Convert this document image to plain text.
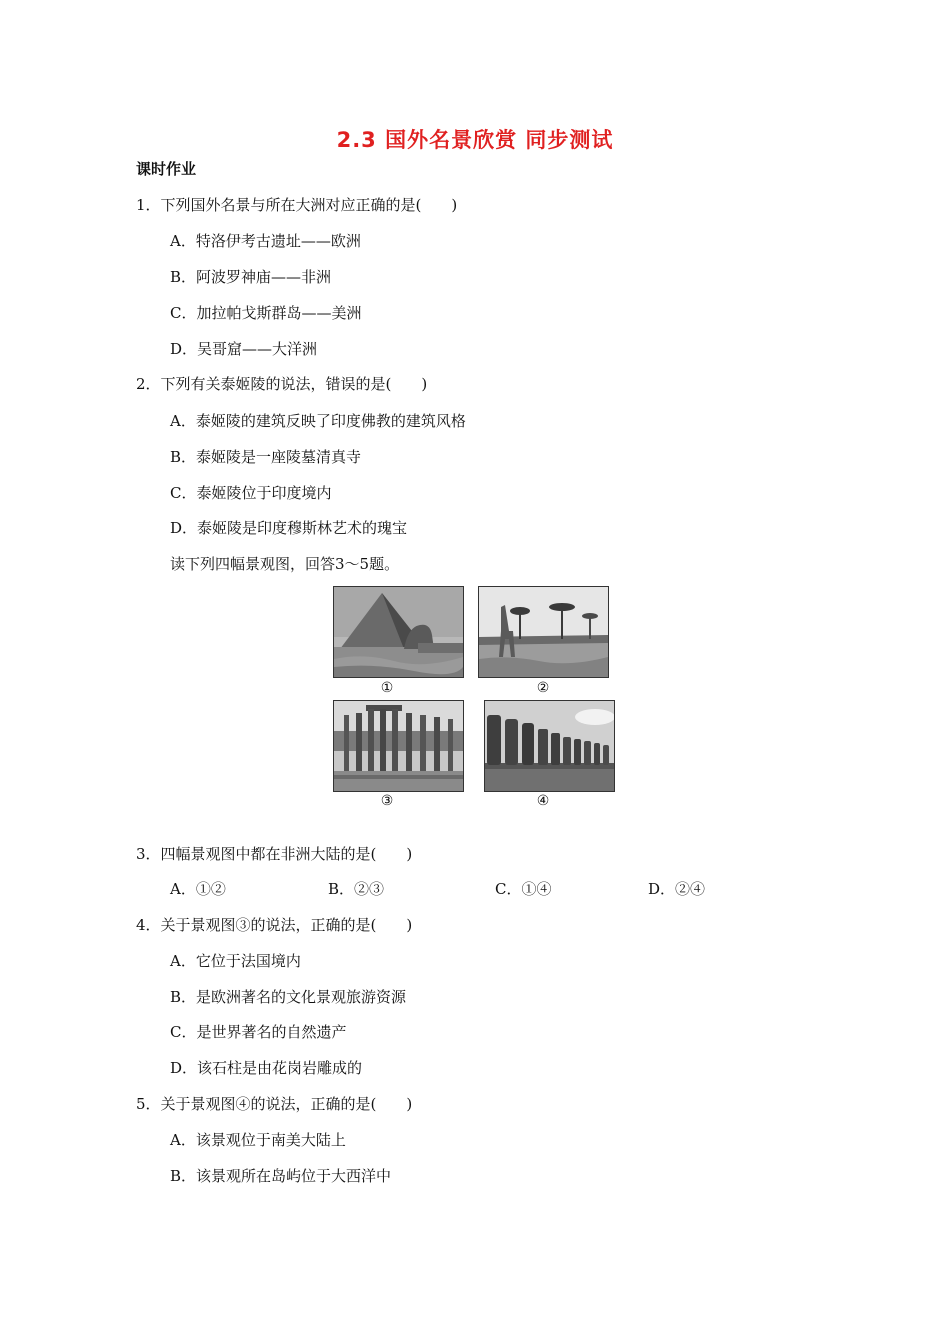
2.3 国外名景欣赏 同步测试
课时作业
1．下列国外名景与所在大洲对应正确的是(　　)
A．特洛伊考古遗址——欧洲
B．阿波罗神庙——非洲
C．加拉帕戈斯群岛——美洲
D．吴哥窟——大洋洲
2．下列有关泰姬陵的说法，错误的是(　　)
A．泰姬陵的建筑反映了印度佛教的建筑风格
B．泰姬陵是一座陵墓清真寺
C．泰姬陵位于印度境内
D．泰姬陵是印度穆斯林艺术的瑰宝
读下列四幅景观图，回答3～5题。
①	②
③	④
3．四幅景观图中都在非洲大陆的是(　　)
A．①②	B．②③	C．①④	D．②④
4．关于景观图③的说法，正确的是(　　)
A．它位于法国境内
B．是欧洲著名的文化景观旅游资源
C．是世界著名的自然遗产
D．该石柱是由花岗岩雕成的
5．关于景观图④的说法，正确的是(　　)
A．该景观位于南美大陆上
B．该景观所在岛屿位于大西洋中
